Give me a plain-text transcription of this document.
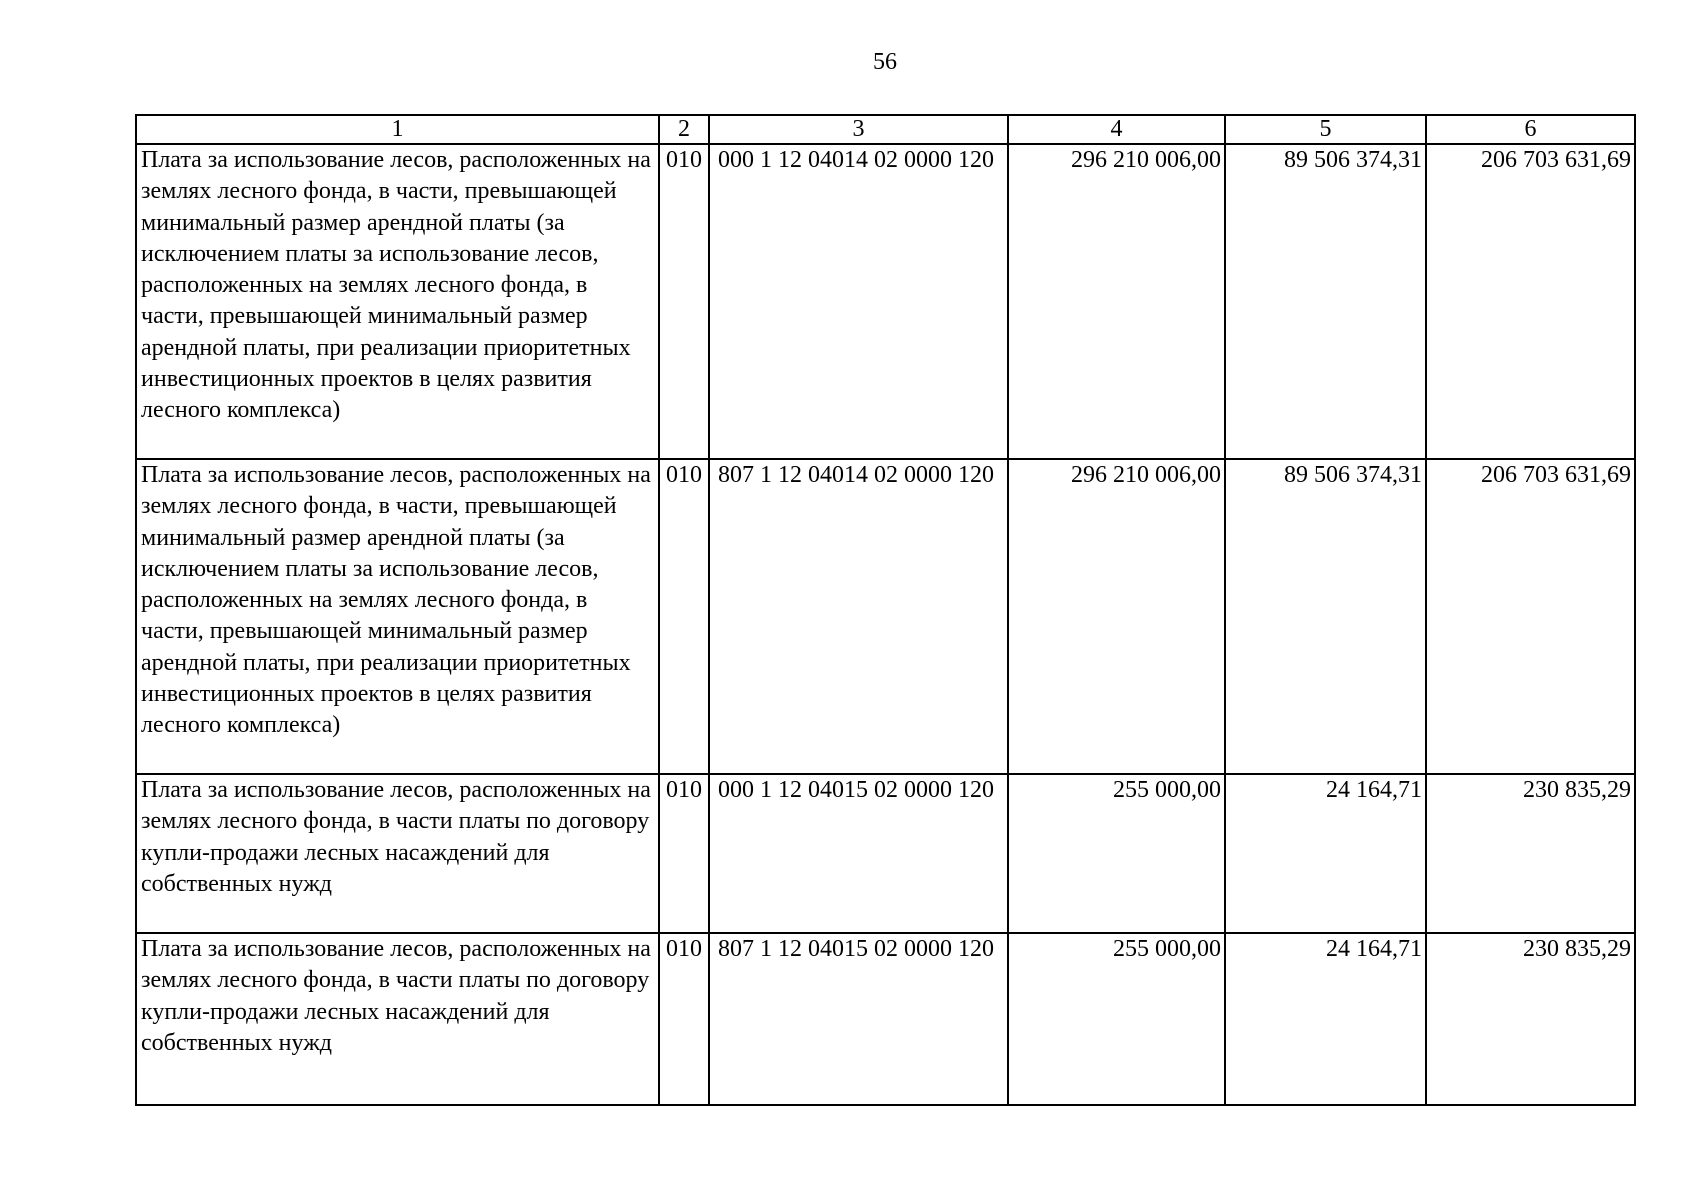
56
1	2	3	4	5	6
Плата за использование лесов, расположенных на землях лесного фонда, в части, превышающей минимальный размер арендной платы (за исключением платы за использование лесов, расположенных на землях лесного фонда, в части, превышающей минимальный размер арендной платы, при реализации приоритетных инвестиционных проектов в целях развития лесного комплекса)	010	000 1 12 04014 02 0000 120	296 210 006,00	89 506 374,31	206 703 631,69
Плата за использование лесов, расположенных на землях лесного фонда, в части, превышающей минимальный размер арендной платы (за исключением платы за использование лесов, расположенных на землях лесного фонда, в части, превышающей минимальный размер арендной платы, при реализации приоритетных инвестиционных проектов в целях развития лесного комплекса)	010	807 1 12 04014 02 0000 120	296 210 006,00	89 506 374,31	206 703 631,69
Плата за использование лесов, расположенных на землях лесного фонда, в части платы по договору купли-продажи лесных насаждений для собственных нужд	010	000 1 12 04015 02 0000 120	255 000,00	24 164,71	230 835,29
Плата за использование лесов, расположенных на землях лесного фонда, в части платы по договору купли-продажи лесных насаждений для собственных нужд	010	807 1 12 04015 02 0000 120	255 000,00	24 164,71	230 835,29
